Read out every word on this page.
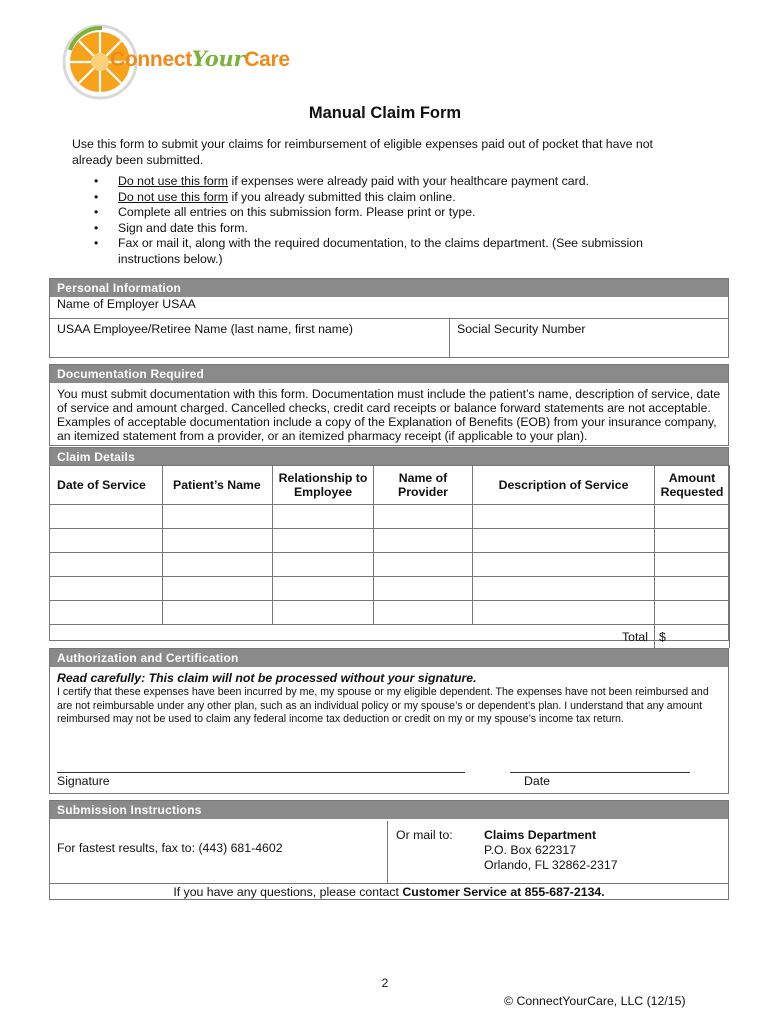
ConnectYourCare
Manual Claim Form
Use this form to submit your claims for reimbursement of eligible expenses paid out of pocket that have not already been submitted.
• Do not use this form if expenses were already paid with your healthcare payment card.
• Do not use this form if you already submitted this claim online.
• Complete all entries on this submission form. Please print or type.
• Sign and date this form.
• Fax or mail it, along with the required documentation, to the claims department. (See submission instructions below.)
Personal Information
Name of Employer USAA
USAA Employee/Retiree Name (last name, first name)	Social Security Number
Documentation Required
You must submit documentation with this form. Documentation must include the patient’s name, description of service, date of service and amount charged. Cancelled checks, credit card receipts or balance forward statements are not acceptable. Examples of acceptable documentation include a copy of the Explanation of Benefits (EOB) from your insurance company, an itemized statement from a provider, or an itemized pharmacy receipt (if applicable to your plan).
Claim Details
Date of Service	Patient’s Name	Relationship to Employee	Name of Provider	Description of Service	Amount Requested

Total					$
Authorization and Certification
Read carefully: This claim will not be processed without your signature.
I certify that these expenses have been incurred by me, my spouse or my eligible dependent. The expenses have not been reimbursed and are not reimbursable under any other plan, such as an individual policy or my spouse’s or dependent’s plan. I understand that any amount reimbursed may not be used to claim any federal income tax deduction or credit on my or my spouse’s income tax return.
Signature	Date
Submission Instructions
For fastest results, fax to: (443) 681-4602
Or mail to:	Claims Department
P.O. Box 622317
Orlando, FL 32862-2317
If you have any questions, please contact Customer Service at 855-687-2134.
2
© ConnectYourCare, LLC (12/15)
